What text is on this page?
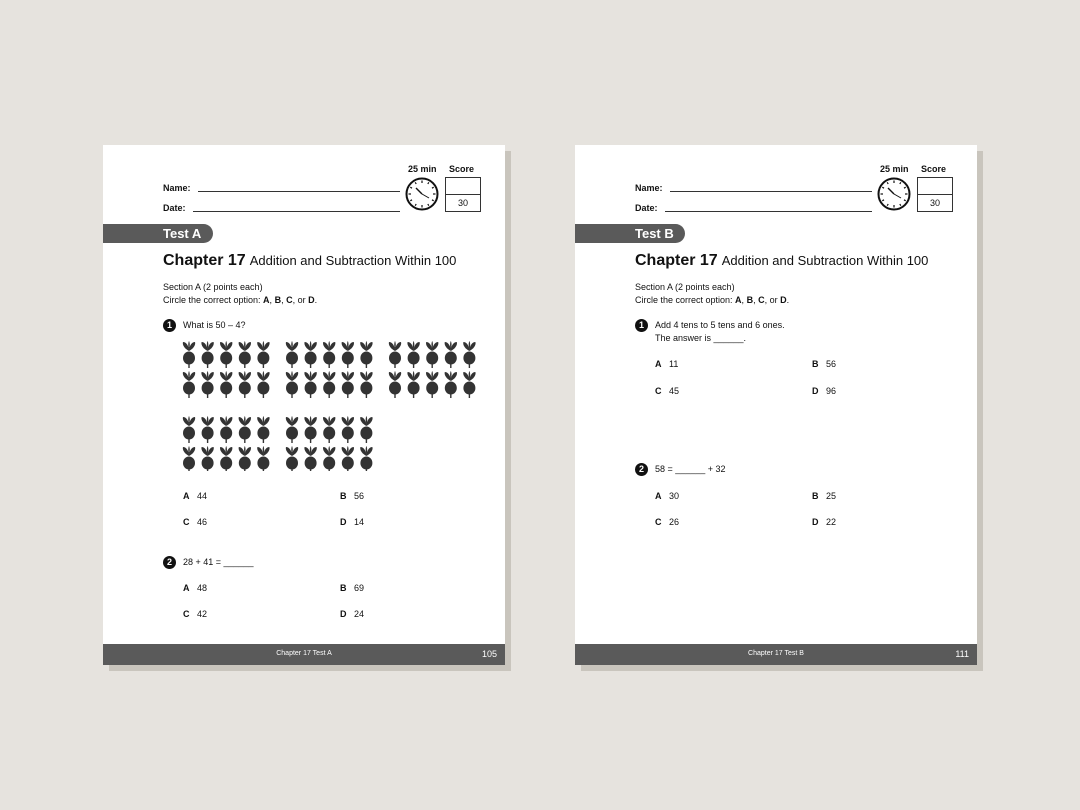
Name:
Date:
25 min Score
30
Test A
Chapter 17 Addition and Subtraction Within 100
Section A (2 points each)
Circle the correct option: A, B, C, or D.
1	What is 50 – 4?
A 44	B 56
C 46	D 14
2	28 + 41 = ______
A 48	B 69
C 42	D 24
Chapter 17 Test A	105
Name:
Date:
25 min Score
30
Test B
Chapter 17 Addition and Subtraction Within 100
Section A (2 points each)
Circle the correct option: A, B, C, or D.
1	Add 4 tens to 5 tens and 6 ones.
The answer is ______.
A 11	B 56
C 45	D 96
2	58 = ______ + 32
A 30	B 25
C 26	D 22
Chapter 17 Test B	111
